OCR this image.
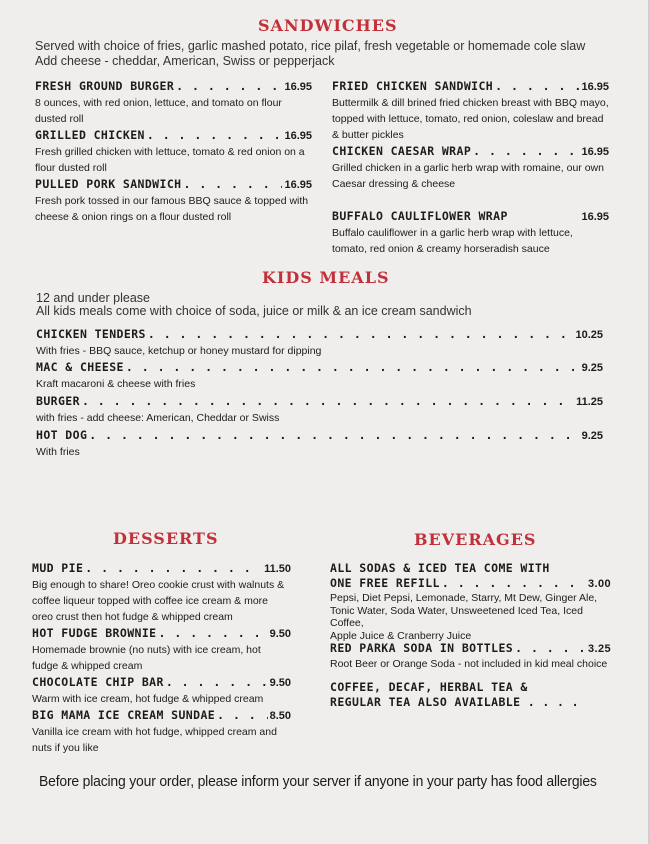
SANDWICHES
Served with choice of fries, garlic mashed potato, rice pilaf, fresh vegetable or homemade cole slaw
Add cheese - cheddar, American, Swiss or pepperjack
FRESH GROUND BURGER . . .	16.95
8 ounces, with red onion, lettuce, and tomato on flour
dusted roll
GRILLED CHICKEN . . .	16.95
Fresh grilled chicken with lettuce, tomato & red onion on a
flour dusted roll
PULLED PORK SANDWICH . . .	16.95
Fresh pork tossed in our famous BBQ sauce & topped with
cheese & onion rings on a flour dusted roll
FRIED CHICKEN SANDWICH . . .	16.95
Buttermilk & dill brined fried chicken breast with BBQ mayo,
topped with lettuce, tomato, red onion, coleslaw and bread
& butter pickles
CHICKEN CAESAR WRAP . . .	16.95
Grilled chicken in a garlic herb wrap with romaine, our own
Caesar dressing & cheese
BUFFALO CAULIFLOWER WRAP	16.95
Buffalo cauliflower in a garlic herb wrap with lettuce,
tomato, red onion & creamy horseradish sauce
KIDS MEALS
12 and under please
All kids meals come with choice of soda, juice or milk & an ice cream sandwich
CHICKEN TENDERS . . .	10.25
With fries - BBQ sauce, ketchup or honey mustard for dipping
MAC & CHEESE . . .	9.25
Kraft macaroni & cheese with fries
BURGER . . .	11.25
with fries - add cheese: American, Cheddar or Swiss
HOT DOG . . .	9.25
With fries
DESSERTS
MUD PIE . . .	11.50
Big enough to share! Oreo cookie crust with walnuts &
coffee liqueur topped with coffee ice cream & more
oreo crust then hot fudge & whipped cream
HOT FUDGE BROWNIE . . .	9.50
Homemade brownie (no nuts) with ice cream, hot
fudge & whipped cream
CHOCOLATE CHIP BAR . . .	9.50
Warm with ice cream, hot fudge & whipped cream
BIG MAMA ICE CREAM SUNDAE . . .	8.50
Vanilla ice cream with hot fudge, whipped cream and
nuts if you like
BEVERAGES
ALL SODAS & ICED TEA COME WITH
ONE FREE REFILL . . .	3.00
Pepsi, Diet Pepsi, Lemonade, Starry, Mt Dew, Ginger Ale,
Tonic Water, Soda Water, Unsweetened Iced Tea, Iced Coffee,
Apple Juice & Cranberry Juice
RED PARKA SODA IN BOTTLES . . .	3.25
Root Beer or Orange Soda - not included in kid meal choice
COFFEE, DECAF, HERBAL TEA &
REGULAR TEA ALSO AVAILABLE . . . .
Before placing your order, please inform your server if anyone in your party has food allergies
